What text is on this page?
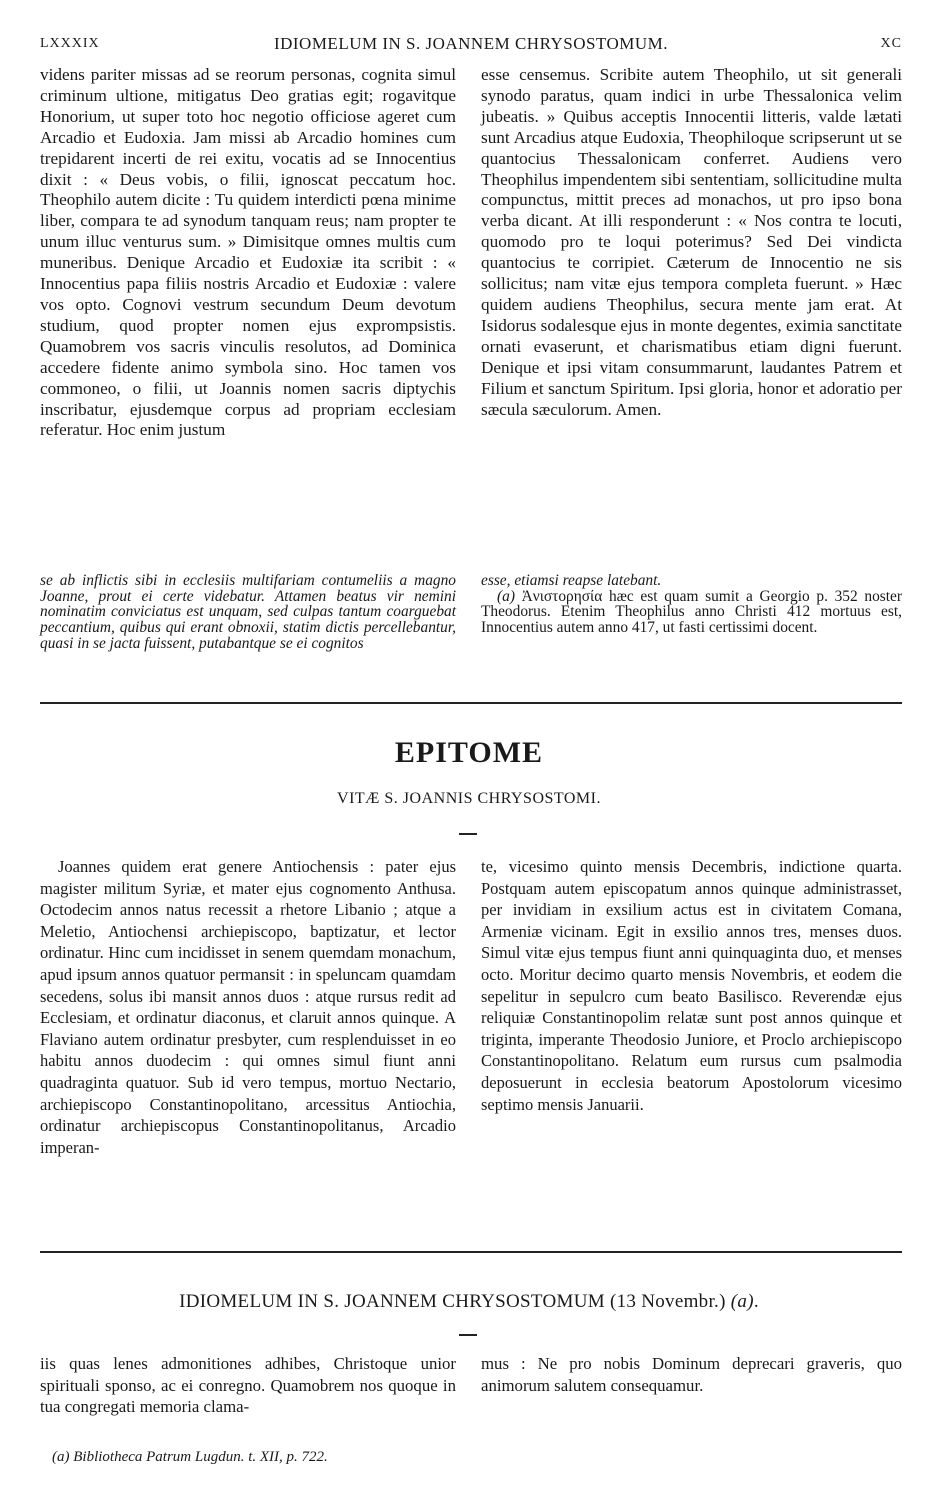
LXXXIX	IDIOMELUM IN S. JOANNEM CHRYSOSTOMUM.	XC

videns pariter missas ad se reorum personas, cognita simul criminum ultione, mitigatus Deo gratias egit; rogavitque Honorium, ut super toto hoc negotio officiose ageret cum Arcadio et Eudoxia. Jam missi ab Arcadio homines cum trepidarent incerti de rei exitu, vocatis ad se Innocentius dixit : « Deus vobis, o filii, ignoscat peccatum hoc. Theophilo autem dicite : Tu quidem interdicti pœna minime liber, compara te ad synodum tanquam reus; nam propter te unum illuc venturus sum. » Dimisitque omnes multis cum muneribus. Denique Arcadio et Eudoxiæ ita scribit : « Innocentius papa filiis nostris Arcadio et Eudoxiæ : valere vos opto. Cognovi vestrum secundum Deum devotum studium, quod propter nomen ejus exprompsistis. Quamobrem vos sacris vinculis resolutos, ad Dominica accedere fidente animo symbola sino. Hoc tamen vos commoneo, o filii, ut Joannis nomen sacris diptychis inscribatur, ejusdemque corpus ad propriam ecclesiam referatur. Hoc enim justum

esse censemus. Scribite autem Theophilo, ut sit generali synodo paratus, quam indici in urbe Thessalonica velim jubeatis. » Quibus acceptis Innocentii litteris, valde lætati sunt Arcadius atque Eudoxia, Theophiloque scripserunt ut se quantocius Thessalonicam conferret. Audiens vero Theophilus impendentem sibi sententiam, sollicitudine multa compunctus, mittit preces ad monachos, ut pro ipso bona verba dicant. At illi responderunt : « Nos contra te locuti, quomodo pro te loqui poterimus? Sed Dei vindicta quantocius te corripiet. Cæterum de Innocentio ne sis sollicitus; nam vitæ ejus tempora completa fuerunt. » Hæc quidem audiens Theophilus, secura mente jam erat. At Isidorus sodalesque ejus in monte degentes, eximia sanctitate ornati evaserunt, et charismatibus etiam digni fuerunt. Denique et ipsi vitam consummarunt, laudantes Patrem et Filium et sanctum Spiritum. Ipsi gloria, honor et adoratio per sæcula sæculorum. Amen.

se ab inflictis sibi in ecclesiis multifariam contumeliis a magno Joanne, prout ei certe videbatur. Attamen beatus vir nemini nominatim conviciatus est unquam, sed culpas tantum coarguebat peccantium, quibus qui erant obnoxii, statim dictis percellebantur, quasi in se jacta fuissent, putabantque se ei cognitos

esse, etiamsi reapse latebant.

(a) Ἀνιστορησία hæc est quam sumit a Georgio p. 352 noster Theodorus. Etenim Theophilus anno Christi 412 mortuus est, Innocentius autem anno 417, ut fasti certissimi docent.

EPITOME
VITÆ S. JOANNIS CHRYSOSTOMI.

Joannes quidem erat genere Antiochensis : pater ejus magister militum Syriæ, et mater ejus cognomento Anthusa. Octodecim annos natus recessit a rhetore Libanio ; atque a Meletio, Antiochensi archiepiscopo, baptizatur, et lector ordinatur. Hinc cum incidisset in senem quemdam monachum, apud ipsum annos quatuor permansit : in speluncam quamdam secedens, solus ibi mansit annos duos : atque rursus redit ad Ecclesiam, et ordinatur diaconus, et claruit annos quinque. A Flaviano autem ordinatur presbyter, cum resplenduisset in eo habitu annos duodecim : qui omnes simul fiunt anni quadraginta quatuor. Sub id vero tempus, mortuo Nectario, archiepiscopo Constantinopolitano, arcessitus Antiochia, ordinatur archiepiscopus Constantinopolitanus, Arcadio imperan-

te, vicesimo quinto mensis Decembris, indictione quarta. Postquam autem episcopatum annos quinque administrasset, per invidiam in exsilium actus est in civitatem Comana, Armeniæ vicinam. Egit in exsilio annos tres, menses duos. Simul vitæ ejus tempus fiunt anni quinquaginta duo, et menses octo. Moritur decimo quarto mensis Novembris, et eodem die sepelitur in sepulcro cum beato Basilisco. Reverendæ ejus reliquiæ Constantinopolim relatæ sunt post annos quinque et triginta, imperante Theodosio Juniore, et Proclo archiepiscopo Constantinopolitano. Relatum eum rursus cum psalmodia deposuerunt in ecclesia beatorum Apostolorum vicesimo septimo mensis Januarii.

IDIOMELUM IN S. JOANNEM CHRYSOSTOMUM (13 Novembr.) (a).

iis quas lenes admonitiones adhibes, Christoque unior spirituali sponso, ac ei conregno. Quamobrem nos quoque in tua congregati memoria clama-

mus : Ne pro nobis Dominum deprecari graveris, quo animorum salutem consequamur.

(a) Bibliotheca Patrum Lugdun. t. XII, p. 722.
